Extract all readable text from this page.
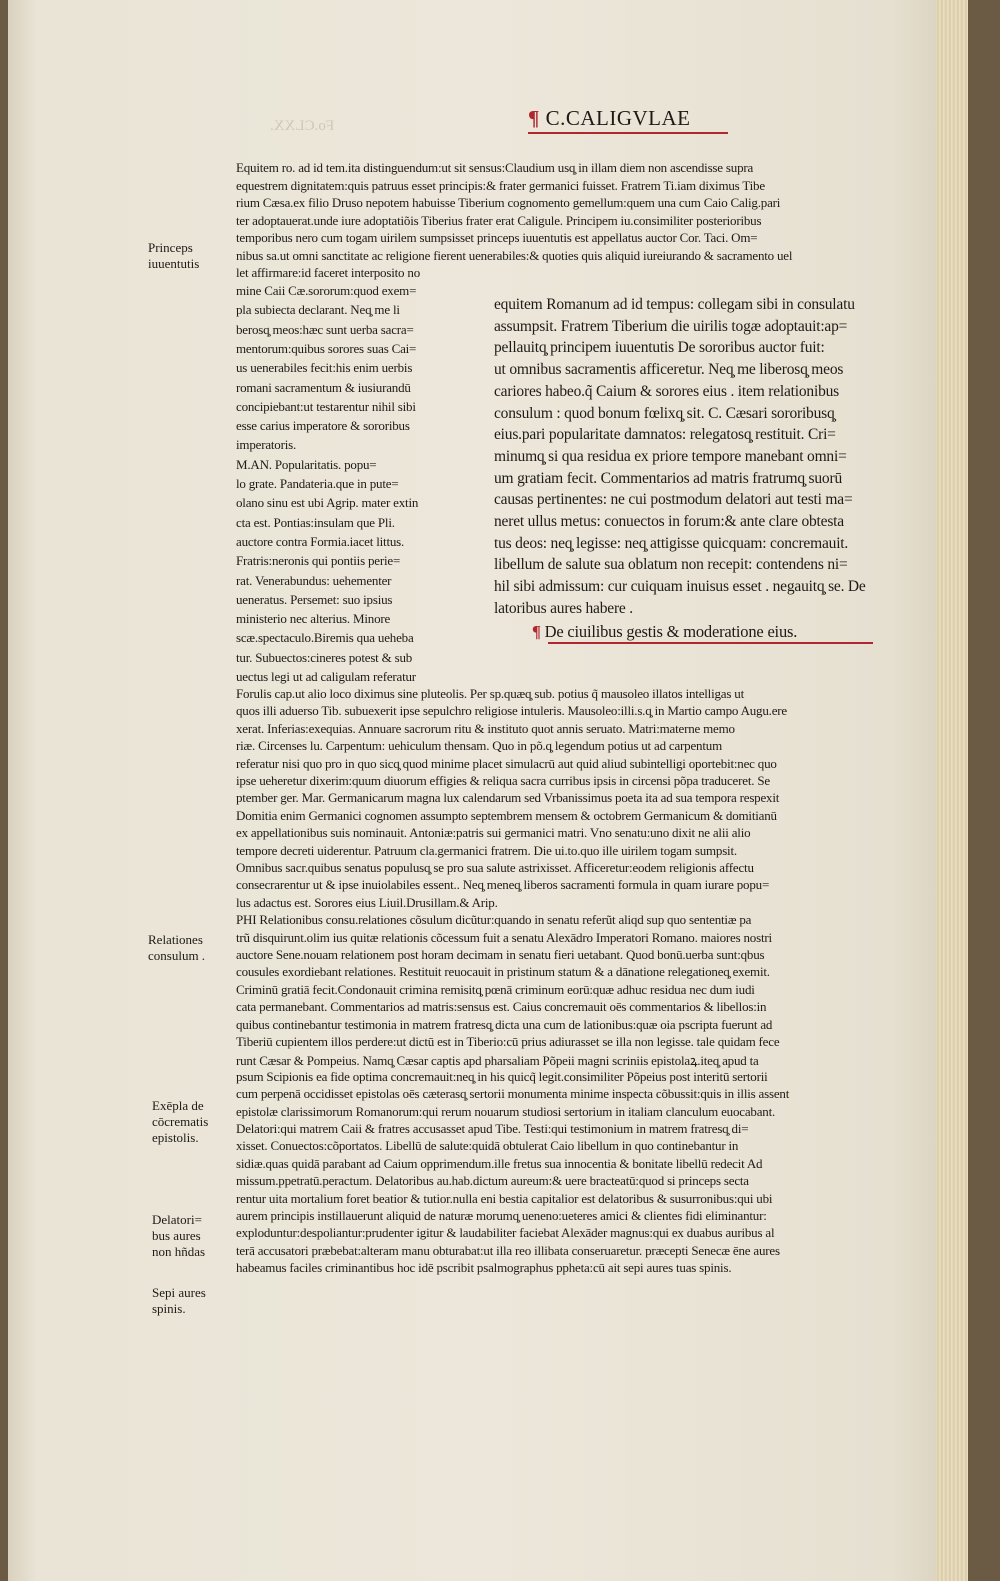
Fo.CLXX.	¶ C.CALIGVLAE
Princeps
iuuentutis
Relationes
consulum .
Exēpla de
cōcrematis
epistolis.
Delatori=
bus aures
non hñdas
Sepi aures
spinis.
Equitem ro. ad id tem.ita distinguendum:ut sit sensus:Claudium usq̧ in illam diem non ascendisse supra
equestrem dignitatem:quis patruus esset principis:& frater germanici fuisset. Fratrem Ti.iam diximus Tibe
rium Cæsa.ex filio Druso nepotem habuisse Tiberium cognomento gemellum:quem una cum Caio Calig.pari
ter adoptauerat.unde iure adoptatiõis Tiberius frater erat Caligule. Principem iu.consimiliter posterioribus
temporibus nero cum togam uirilem sumpsisset princeps iuuentutis est appellatus auctor Cor. Taci. Om=
nibus sa.ut omni sanctitate ac religione fierent uenerabiles:& quoties quis aliquid iureiurando & sacramento uel
let affirmare:id faceret interposito no
mine Caii Cæ.sororum:quod exem=
pla subiecta declarant. Neq̧ me li
berosq̧ meos:hæc sunt uerba sacra=
mentorum:quibus sorores suas Cai=
us uenerabiles fecit:his enim uerbis
romani sacramentum & iusiurandū
concipiebant:ut testarentur nihil sibi
esse carius imperatore & sororibus
imperatoris.
M.AN. Popularitatis. popu=
lo grate. Pandateria.que in pute=
olano sinu est ubi Agrip. mater extin
cta est. Pontias:insulam que Pli.
auctore contra Formia.iacet littus.
Fratris:neronis qui pontiis perie=
rat. Venerabundus: uehementer
ueneratus. Persemet: suo ipsius
ministerio nec alterius. Minore
scæ.spectaculo.Biremis qua ueheba
tur. Subuectos:cineres potest & sub
uectus legi ut ad caligulam referatur
equitem Romanum ad id tempus: collegam sibi in consulatu
assumpsit. Fratrem Tiberium die uirilis togæ adoptauit:ap=
pellauitq̧ principem iuuentutis De sororibus auctor fuit:
ut omnibus sacramentis afficeretur. Neq̧ me liberosq̧ meos
cariores habeo.q̃ Caium & sorores eius . item relationibus
consulum : quod bonum fœlixq̧ sit. C. Cæsari sororibusq̧
eius.pari popularitate damnatos: relegatosq̧ restituit. Cri=
minumq̧ si qua residua ex priore tempore manebant omni=
um gratiam fecit. Commentarios ad matris fratrumq̧ suorū
causas pertinentes: ne cui postmodum delatori aut testi ma=
neret ullus metus: conuectos in forum:& ante clare obtesta
tus deos: neq̧ legisse: neq̧ attigisse quicquam: concremauit.
libellum de salute sua oblatum non recepit: contendens ni=
hil sibi admissum: cur cuiquam inuisus esset . negauitq̧ se. De
latoribus aures habere .
¶ De ciuilibus gestis & moderatione eius.
Forulis cap.ut alio loco diximus sine pluteolis. Per sp.quæq̧ sub. potius q̃ mausoleo illatos intelligas ut
quos illi aduerso Tib. subuexerit ipse sepulchro religiose intuleris. Mausoleo:illi.s.q̧ in Martio campo Augu.ere
xerat. Inferias:exequias. Annuare sacrorum ritu & instituto quot annis seruato. Matri:materne memo
riæ. Circenses lu. Carpentum: uehiculum thensam. Quo in põ.q̧ legendum potius ut ad carpentum
referatur nisi quo pro in quo sicq̧ quod minime placet simulacrū aut quid aliud subintelligi oportebit:nec quo
ipse ueheretur dixerim:quum diuorum effigies & reliqua sacra curribus ipsis in circensi põpa traduceret. Se
ptember ger. Mar. Germanicarum magna lux calendarum sed Vrbanissimus poeta ita ad sua tempora respexit
Domitia enim Germanici cognomen assumpto septembrem mensem & octobrem Germanicum & domitianū
ex appellationibus suis nominauit. Antoniæ:patris sui germanici matri. Vno senatu:uno dixit ne alii alio
tempore decreti uiderentur. Patruum cla.germanici fratrem. Die ui.to.quo ille uirilem togam sumpsit.
Omnibus sacr.quibus senatus populusq̧ se pro sua salute astrixisset. Afficeretur:eodem religionis affectu
consecrarentur ut & ipse inuiolabiles essent.. Neq̧ meneq̧ liberos sacramenti formula in quam iurare popu=
lus adactus est. Sorores eius Liuil.Drusillam.& Arip.
PHI Relationibus consu.relationes cõsulum dicũtur:quando in senatu referũt aliqd sup quo sententiæ pa
trũ disquirunt.olim ius quitæ relationis cõcessum fuit a senatu Alexādro Imperatori Romano. maiores nostri
auctore Sene.nouam relationem post horam decimam in senatu fieri uetabant. Quod bonū.uerba sunt:qbus
cousules exordiebant relationes. Restituit reuocauit in pristinum statum & a dānatione relegationeq̧ exemit.
Criminū gratiā fecit.Condonauit crimina remisitq̧ pœnā criminum eorū:quæ adhuc residua nec dum iudi
cata permanebant. Commentarios ad matris:sensus est. Caius concremauit oēs commentarios & libellos:in
quibus continebantur testimonia in matrem fratresq̧ dicta una cum de lationibus:quæ oia pscripta fuerunt ad
Tiberiū cupientem illos perdere:ut dictū est in Tiberio:cū prius adiurasset se illa non legisse. tale quidam fece
runt Cæsar & Pompeius. Namq̧ Cæsar captis apd pharsaliam Põpeii magni scriniis epistolaꝝ.iteq̧ apud ta
psum Scipionis ea fide optima concremauit:neq̧ in his quicq̃ legit.consimiliter Põpeius post interitū sertorii
cum perpenā occidisset epistolas oēs cæterasq̧ sertorii monumenta minime inspecta cõbussit:quis in illis assent
epistolæ clarissimorum Romanorum:qui rerum nouarum studiosi sertorium in italiam clanculum euocabant.
Delatori:qui matrem Caii & fratres accusasset apud Tibe. Testi:qui testimonium in matrem fratresq̧ di=
xisset. Conuectos:cõportatos. Libellū de salute:quidā obtulerat Caio libellum in quo continebantur in
sidiæ.quas quidā parabant ad Caium opprimendum.ille fretus sua innocentia & bonitate libellū redecit Ad
missum.ppetratū.peractum. Delatoribus au.hab.dictum aureum:& uere bracteatū:quod si princeps secta
rentur uita mortalium foret beatior & tutior.nulla eni bestia capitalior est delatoribus & susurronibus:qui ubi
aurem principis instillauerunt aliquid de naturæ morumq̧ ueneno:ueteres amici & clientes fidi eliminantur:
exploduntur:despoliantur:prudenter igitur & laudabiliter faciebat Alexāder magnus:qui ex duabus auribus al
terā accusatori præbebat:alteram manu obturabat:ut illa reo illibata conseruaretur. præcepti Senecæ ēne aures
habeamus faciles criminantibus hoc idē pscribit psalmographus ppheta:cū ait sepi aures tuas spinis.
